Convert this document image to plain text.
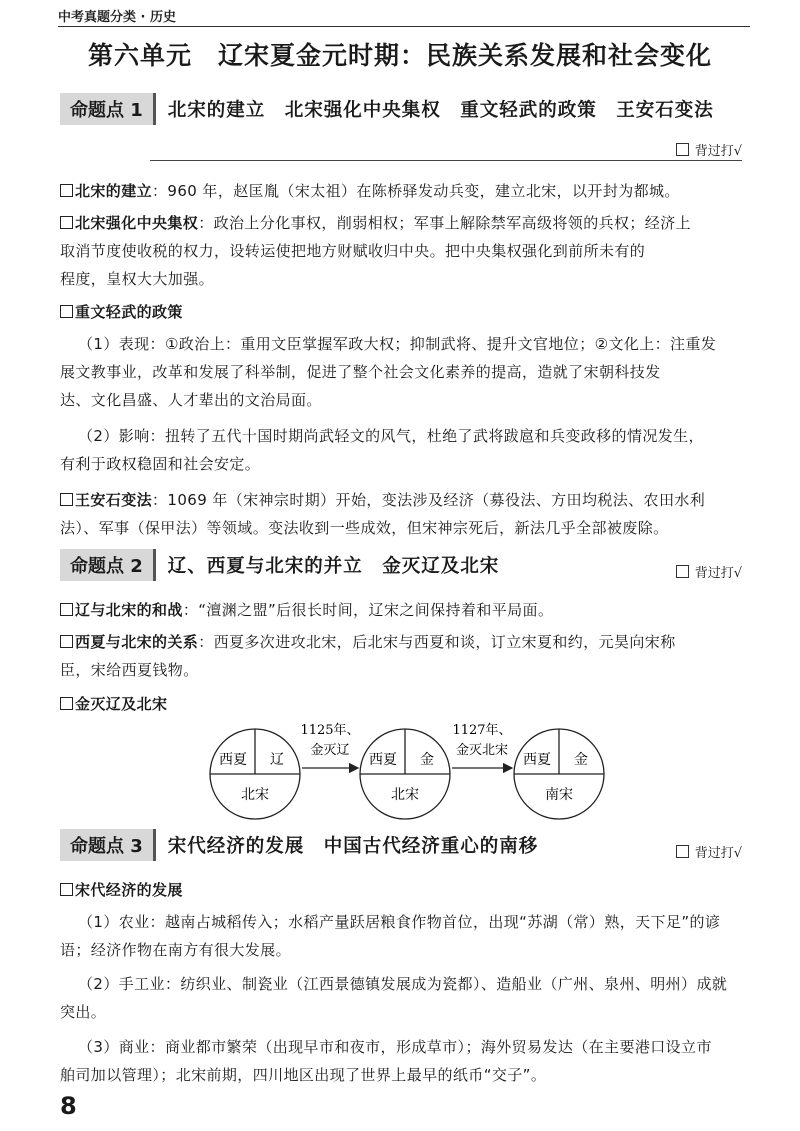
中考真题分类 · 历史
第六单元　辽宋夏金元时期：民族关系发展和社会变化
命题点 1	北宋的建立　北宋强化中央集权　重文轻武的政策　王安石变法
背过打√
北宋的建立：960 年，赵匡胤（宋太祖）在陈桥驿发动兵变，建立北宋，以开封为都城。
北宋强化中央集权：政治上分化事权，削弱相权；军事上解除禁军高级将领的兵权；经济上
取消节度使收税的权力，设转运使把地方财赋收归中央。把中央集权强化到前所未有的
程度，皇权大大加强。
重文轻武的政策
（1）表现：①政治上：重用文臣掌握军政大权；抑制武将、提升文官地位；②文化上：注重发
展文教事业，改革和发展了科举制，促进了整个社会文化素养的提高，造就了宋朝科技发
达、文化昌盛、人才辈出的文治局面。
（2）影响：扭转了五代十国时期尚武轻文的风气，杜绝了武将跋扈和兵变政移的情况发生，
有利于政权稳固和社会安定。
王安石变法：1069 年（宋神宗时期）开始，变法涉及经济（募役法、方田均税法、农田水利
法）、军事（保甲法）等领域。变法收到一些成效，但宋神宗死后，新法几乎全部被废除。
命题点 2	辽、西夏与北宋的并立　金灭辽及北宋	背过打√
辽与北宋的和战：“澶渊之盟”后很长时间，辽宋之间保持着和平局面。
西夏与北宋的关系：西夏多次进攻北宋，后北宋与西夏和谈，订立宋夏和约，元昊向宋称
臣，宋给西夏钱物。
金灭辽及北宋
西夏 辽
北宋
1125年、
金灭辽
西夏 金
北宋
1127年、
金灭北宋
西夏 金
南宋
命题点 3	宋代经济的发展　中国古代经济重心的南移	背过打√
宋代经济的发展
（1）农业：越南占城稻传入；水稻产量跃居粮食作物首位，出现“苏湖（常）熟，天下足”的谚
语；经济作物在南方有很大发展。
（2）手工业：纺织业、制瓷业（江西景德镇发展成为瓷都）、造船业（广州、泉州、明州）成就
突出。
（3）商业：商业都市繁荣（出现早市和夜市，形成草市）；海外贸易发达（在主要港口设立市
舶司加以管理）；北宋前期，四川地区出现了世界上最早的纸币“交子”。
8
